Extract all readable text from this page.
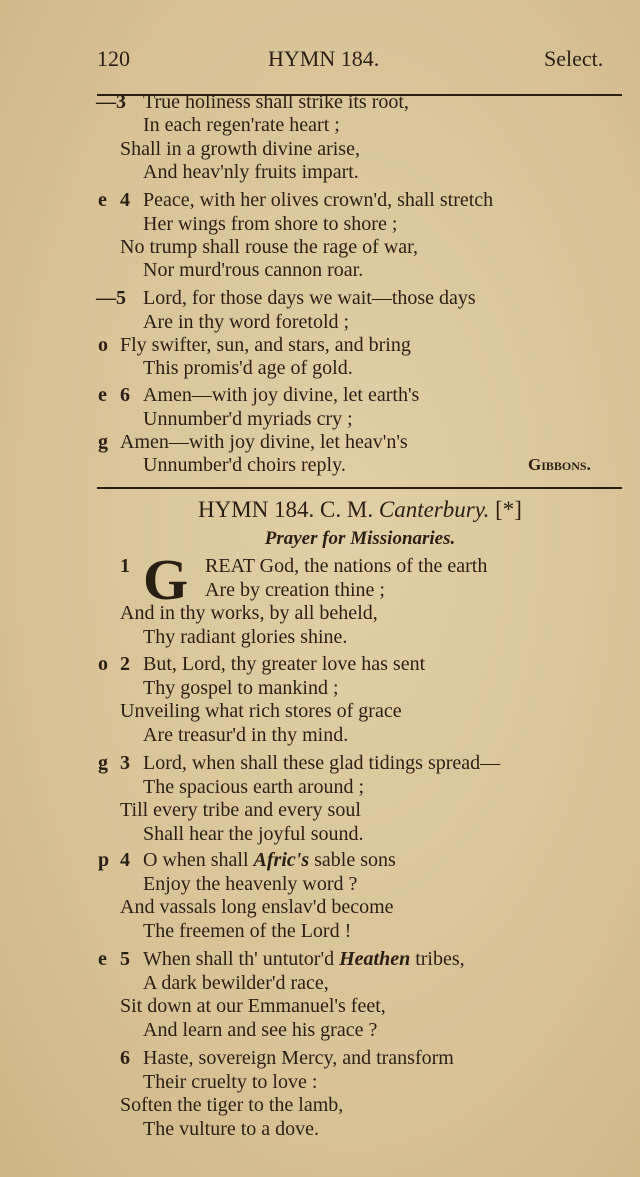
120	HYMN 184.	Select.
—3 True holiness shall strike its root,
In each regen'rate heart ;
Shall in a growth divine arise,
And heav'nly fruits impart.
e 4 Peace, with her olives crown'd, shall stretch
Her wings from shore to shore ;
No trump shall rouse the rage of war,
Nor murd'rous cannon roar.
—5 Lord, for those days we wait—those days
Are in thy word foretold ;
o Fly swifter, sun, and stars, and bring
This promis'd age of gold.
e 6 Amen—with joy divine, let earth's
Unnumber'd myriads cry ;
g Amen—with joy divine, let heav'n's
Unnumber'd choirs reply.	Gibbons.
HYMN 184. C. M. Canterbury. [*]
Prayer for Missionaries.
G
1	REAT God, the nations of the earth
Are by creation thine ;
And in thy works, by all beheld,
Thy radiant glories shine.
o 2 But, Lord, thy greater love has sent
Thy gospel to mankind ;
Unveiling what rich stores of grace
Are treasur'd in thy mind.
g 3 Lord, when shall these glad tidings spread—
The spacious earth around ;
Till every tribe and every soul
Shall hear the joyful sound.
p 4 O when shall Afric's sable sons
Enjoy the heavenly word ?
And vassals long enslav'd become
The freemen of the Lord !
e 5 When shall th' untutor'd Heathen tribes,
A dark bewilder'd race,
Sit down at our Emmanuel's feet,
And learn and see his grace ?
6 Haste, sovereign Mercy, and transform
Their cruelty to love :
Soften the tiger to the lamb,
The vulture to a dove.
